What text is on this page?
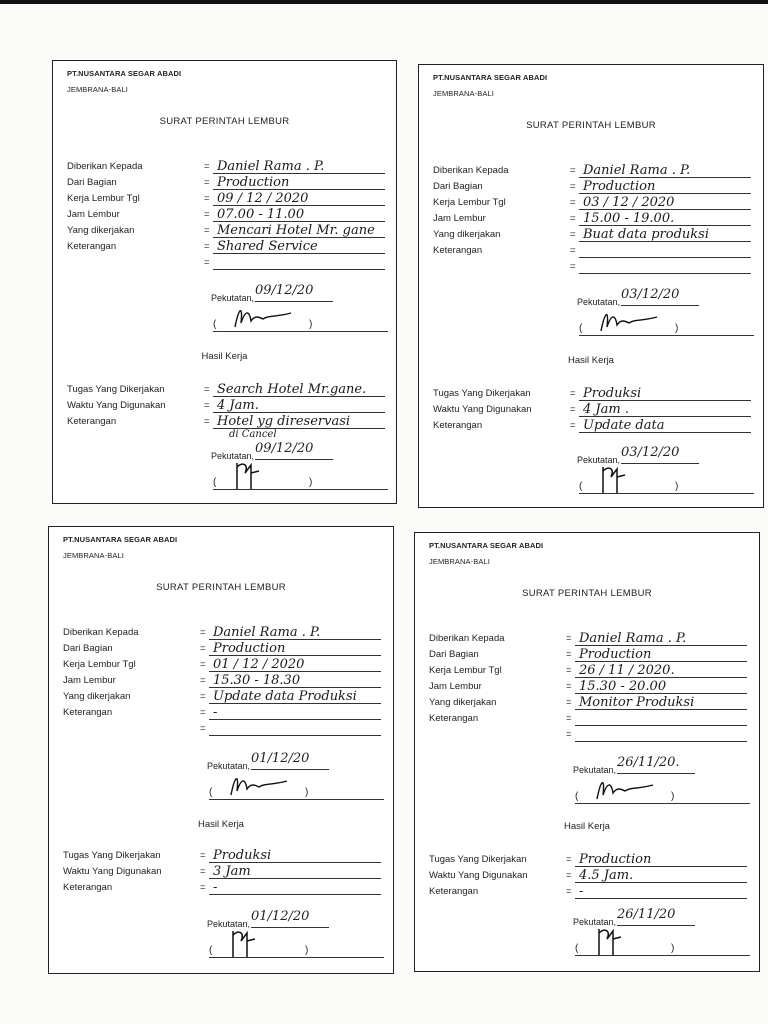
PT.NUSANTARA SEGAR ABADI
JEMBRANA-BALI
SURAT PERINTAH LEMBUR
Diberikan Kepada	= Daniel Rama . P.
Dari Bagian	= Production
Kerja Lembur Tgl	= 09 / 12 / 2020
Jam Lembur	= 07.00 - 11.00
Yang dikerjakan	= Mencari Hotel Mr. gane
Keterangan	= Shared Service
=
Pekutatan, 09/12/20
(	)
Hasil Kerja
Tugas Yang Dikerjakan	= Search Hotel Mr.gane.
Waktu Yang Digunakan	= 4 Jam.
Keterangan	= Hotel yg direservasi
di Cancel
Pekutatan, 09/12/20
(	)
PT.NUSANTARA SEGAR ABADI
JEMBRANA-BALI
SURAT PERINTAH LEMBUR
Diberikan Kepada	= Daniel Rama . P.
Dari Bagian	= Production
Kerja Lembur Tgl	= 03 / 12 / 2020
Jam Lembur	= 15.00 - 19.00.
Yang dikerjakan	= Buat data produksi
Keterangan	=
=
Pekutatan, 03/12/20
(	)
Hasil Kerja
Tugas Yang Dikerjakan	= Produksi
Waktu Yang Digunakan	= 4 Jam .
Keterangan	= Update data
Pekutatan, 03/12/20
(	)
PT.NUSANTARA SEGAR ABADI
JEMBRANA-BALI
SURAT PERINTAH LEMBUR
Diberikan Kepada	= Daniel Rama . P.
Dari Bagian	= Production
Kerja Lembur Tgl	= 01 / 12 / 2020
Jam Lembur	= 15.30 - 18.30
Yang dikerjakan	= Update data Produksi
Keterangan	= -
=
Pekutatan, 01/12/20
(	)
Hasil Kerja
Tugas Yang Dikerjakan	= Produksi
Waktu Yang Digunakan	= 3 Jam
Keterangan	= -
Pekutatan, 01/12/20
(	)
PT.NUSANTARA SEGAR ABADI
JEMBRANA-BALI
SURAT PERINTAH LEMBUR
Diberikan Kepada	= Daniel Rama . P.
Dari Bagian	= Production
Kerja Lembur Tgl	= 26 / 11 / 2020.
Jam Lembur	= 15.30 - 20.00
Yang dikerjakan	= Monitor Produksi
Keterangan	=
=
Pekutatan, 26/11/20.
(	)
Hasil Kerja
Tugas Yang Dikerjakan	= Production
Waktu Yang Digunakan	= 4.5 Jam.
Keterangan	= -
Pekutatan, 26/11/20
(	)
